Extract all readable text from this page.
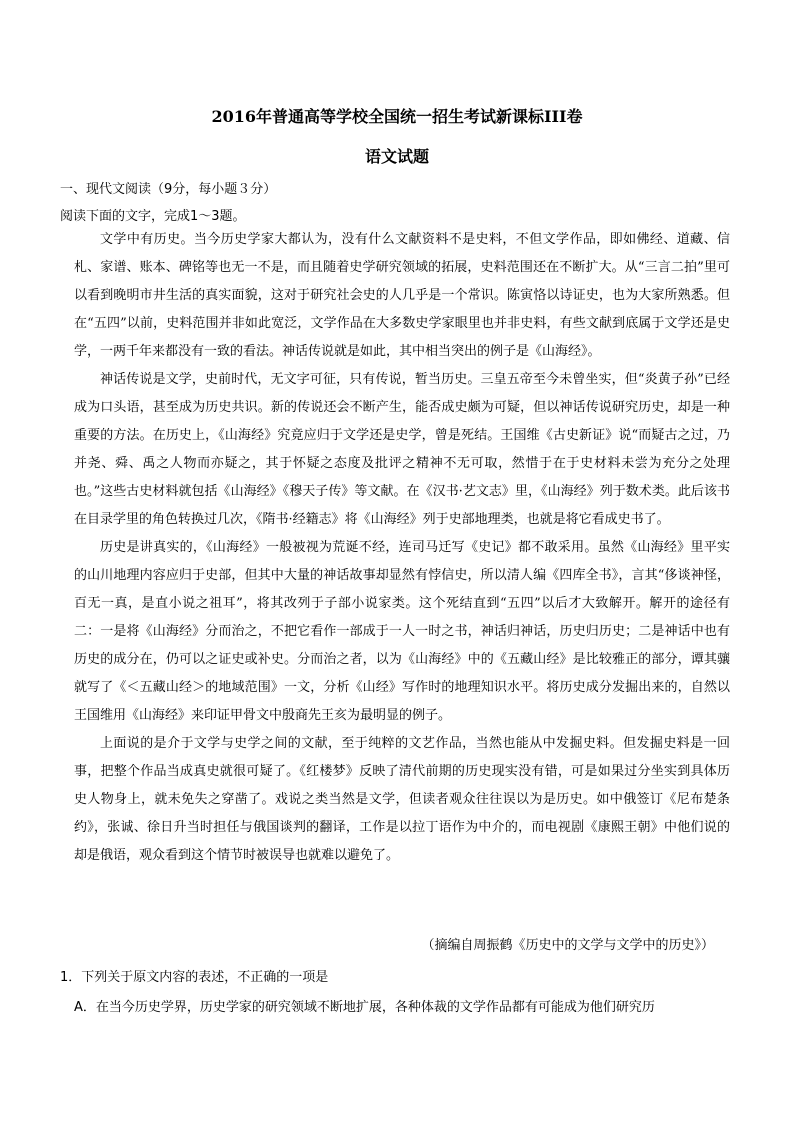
2016年普通高等学校全国统一招生考试新课标III卷
语文试题
一、现代文阅读（9分，每小题３分）
阅读下面的文字，完成1～3题。

文学中有历史。当今历史学家大都认为，没有什么文献资料不是史料，不但文学作品，即如佛经、道藏、信札、家谱、账本、碑铭等也无一不是，而且随着史学研究领域的拓展，史料范围还在不断扩大。从“三言二拍”里可以看到晚明市井生活的真实面貌，这对于研究社会史的人几乎是一个常识。陈寅恪以诗证史，也为大家所熟悉。但在“五四”以前，史料范围并非如此宽泛，文学作品在大多数史学家眼里也并非史料，有些文献到底属于文学还是史学，一两千年来都没有一致的看法。神话传说就是如此，其中相当突出的例子是《山海经》。

神话传说是文学，史前时代，无文字可征，只有传说，暂当历史。三皇五帝至今未曾坐实，但“炎黄子孙”已经成为口头语，甚至成为历史共识。新的传说还会不断产生，能否成史颇为可疑，但以神话传说研究历史，却是一种重要的方法。在历史上，《山海经》究竟应归于文学还是史学，曾是死结。王国维《古史新证》说“而疑古之过，乃并尧、舜、禹之人物而亦疑之，其于怀疑之态度及批评之精神不无可取，然惜于在于史材料未尝为充分之处理也。”这些古史材料就包括《山海经》《穆天子传》等文献。在《汉书·艺文志》里，《山海经》列于数术类。此后该书在目录学里的角色转换过几次，《隋书·经籍志》将《山海经》列于史部地理类，也就是将它看成史书了。

历史是讲真实的，《山海经》一般被视为荒诞不经，连司马迁写《史记》都不敢采用。虽然《山海经》里平实的山川地理内容应归于史部，但其中大量的神话故事却显然有悖信史，所以清人编《四库全书》，言其“侈谈神怪，百无一真，是直小说之祖耳”，将其改列于子部小说家类。这个死结直到“五四”以后才大致解开。解开的途径有二：一是将《山海经》分而治之，不把它看作一部成于一人一时之书，神话归神话，历史归历史；二是神话中也有历史的成分在，仍可以之证史或补史。分而治之者，以为《山海经》中的《五藏山经》是比较雅正的部分，谭其骧就写了《＜五藏山经＞的地域范围》一文，分析《山经》写作时的地理知识水平。将历史成分发掘出来的，自然以王国维用《山海经》来印证甲骨文中殷商先王亥为最明显的例子。

上面说的是介于文学与史学之间的文献，至于纯粹的文艺作品，当然也能从中发掘史料。但发掘史料是一回事，把整个作品当成真史就很可疑了。《红楼梦》反映了清代前期的历史现实没有错，可是如果过分坐实到具体历史人物身上，就未免失之穿凿了。戏说之类当然是文学，但读者观众往往误以为是历史。如中俄签订《尼布楚条约》，张诚、徐日升当时担任与俄国谈判的翻译，工作是以拉丁语作为中介的，而电视剧《康熙王朝》中他们说的却是俄语，观众看到这个情节时被误导也就难以避免了。

（摘编自周振鹤《历史中的文学与文学中的历史》）
1．下列关于原文内容的表述，不正确的一项是
A．在当今历史学界，历史学家的研究领域不断地扩展，各种体裁的文学作品都有可能成为他们研究历
